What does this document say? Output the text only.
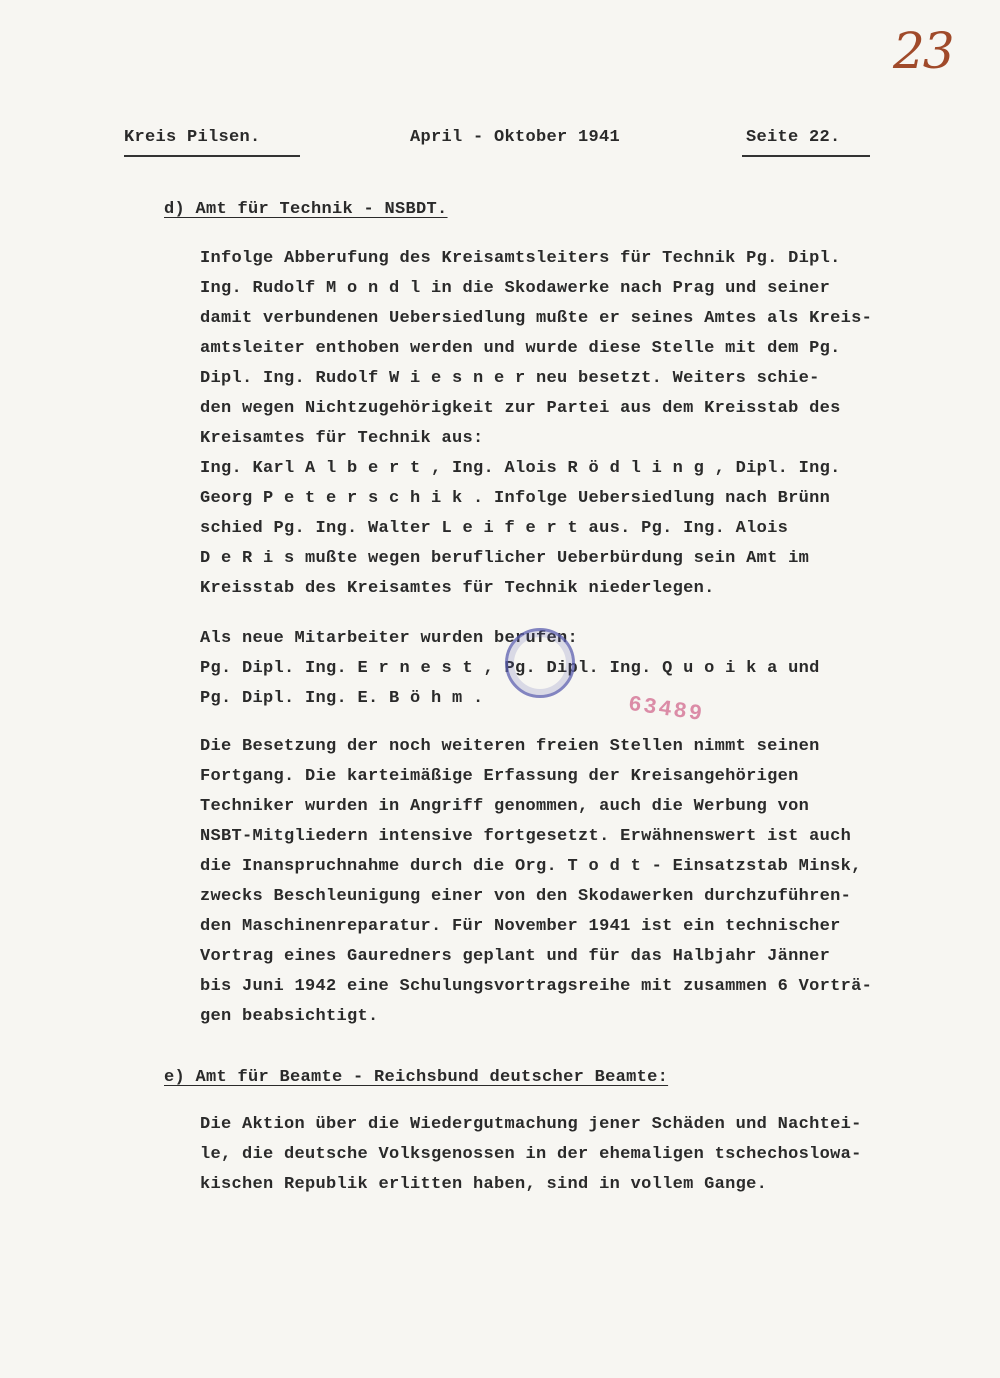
23
Kreis Pilsen.	April - Oktober 1941	Seite 22.
d) Amt für Technik - NSBDT.

Infolge Abberufung des Kreisamtsleiters für Technik Pg. Dipl.
Ing. Rudolf M o n d l in die Skodawerke nach Prag und seiner
damit verbundenen Uebersiedlung mußte er seines Amtes als Kreis-
amtsleiter enthoben werden und wurde diese Stelle mit dem Pg.
Dipl. Ing. Rudolf W i e s n e r neu besetzt. Weiters schie-
den wegen Nichtzugehörigkeit zur Partei aus dem Kreisstab des
Kreisamtes für Technik aus:
Ing. Karl A l b e r t , Ing. Alois R ö d l i n g , Dipl. Ing.
Georg P e t e r s c h i k . Infolge Uebersiedlung nach Brünn
schied Pg. Ing. Walter L e i f e r t aus. Pg. Ing. Alois
D e R i s mußte wegen beruflicher Ueberbürdung sein Amt im
Kreisstab des Kreisamtes für Technik niederlegen.

Als neue Mitarbeiter wurden berufen:
Pg. Dipl. Ing. E r n e s t , Pg. Dipl. Ing. Q u o i k a und
Pg. Dipl. Ing. E. B ö h m .

Die Besetzung der noch weiteren freien Stellen nimmt seinen
Fortgang. Die karteimäßige Erfassung der Kreisangehörigen
Techniker wurden in Angriff genommen, auch die Werbung von
NSBT-Mitgliedern intensive fortgesetzt. Erwähnenswert ist auch
die Inanspruchnahme durch die Org. T o d t - Einsatzstab Minsk,
zwecks Beschleunigung einer von den Skodawerken durchzuführen-
den Maschinenreparatur. Für November 1941 ist ein technischer
Vortrag eines Gauredners geplant und für das Halbjahr Jänner
bis Juni 1942 eine Schulungsvortragsreihe mit zusammen 6 Vorträ-
gen beabsichtigt.

e) Amt für Beamte - Reichsbund deutscher Beamte:

Die Aktion über die Wiedergutmachung jener Schäden und Nachtei-
le, die deutsche Volksgenossen in der ehemaligen tschechoslowa-
kischen Republik erlitten haben, sind in vollem Gange.

63489
